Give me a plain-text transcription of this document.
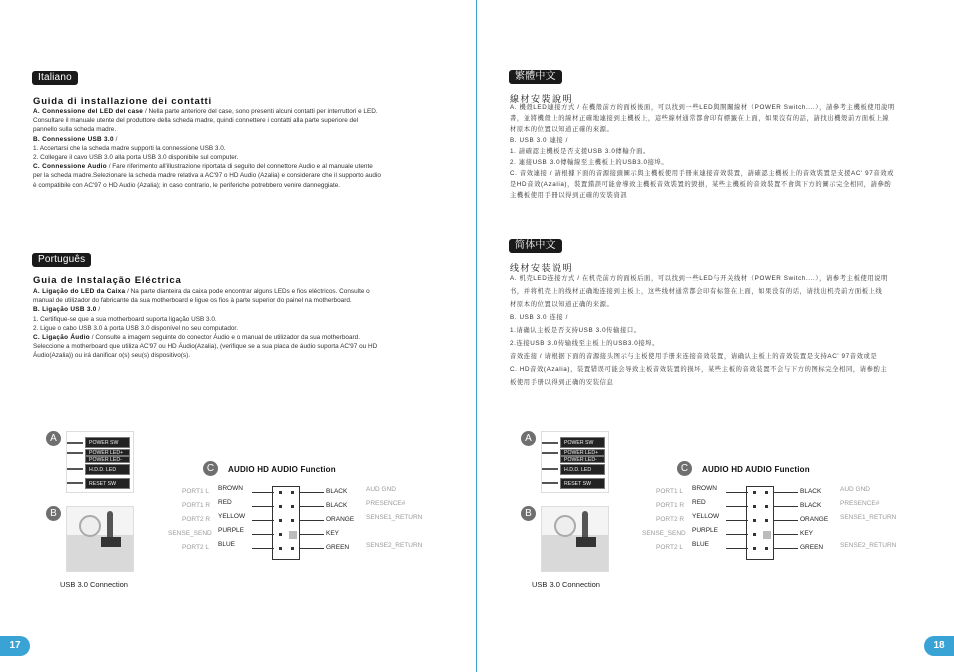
Italiano
Guida di installazione dei contatti
A. Connessione del LED del case / Nella parte anteriore del case, sono presenti alcuni contatti per interruttori e LED.
Consultare il manuale utente del produttore della scheda madre, quindi connettere i contatti alla parte superiore del
pannello sulla scheda madre.
B. Connessione USB 3.0 /
1. Accertarsi che la scheda madre supporti la connessione USB 3.0.
2. Collegare il cavo USB 3.0 alla porta USB 3.0 disponibile sul computer.
C. Connessione Audio / Fare riferimento all'illustrazione riportata di seguito del connettore Audio e al manuale utente
per la scheda madre.Selezionare la scheda madre relativa a AC'97 o HD Audio (Azalia) e considerare che il supporto audio
è compatibile con AC'97 o HD Audio (Azalia); in caso contrario, le periferiche potrebbero venire danneggiate.
Português
Guia de Instalação Eléctrica
A. Ligação do LED da Caixa / Na parte dianteira da caixa pode encontrar alguns LEDs e fios eléctricos. Consulte o
manual de utilizador do fabricante da sua motherboard e ligue os fios à parte superior do painel na motherboard.
B. Ligação USB 3.0 /
1. Certifique-se que a sua motherboard suporta ligação USB 3.0.
2. Ligue o cabo USB 3.0 à porta USB 3.0 disponível no seu computador.
C. Ligação Áudio / Consulte a imagem seguinte do conector Áudio e o manual de utilizador da sua motherboard.
Seleccione a motherboard que utiliza AC'97 ou HD Áudio(Azalia), (verifique se a sua placa de áudio suporta AC'97 ou HD
Áudio(Azalia)) ou irá danificar o(s) seu(s) dispositivo(s).
A	POWER SW
POWER LED+
POWER LED-
H.D.D. LED
RESET SW
B
USB 3.0 Connection
C	AUDIO HD AUDIO Function
PORT1 L BROWN	BLACK	AUD GND
PORT1 R RED	BLACK	PRESENCE#
PORT2 R YELLOW	ORANGE SENSE1_RETURN
SENSE_SEND PURPLE	KEY
PORT2 L BLUE	GREEN	SENSE2_RETURN
繁體中文
線材安裝說明
A. 機殼LED連接方式 / 在機殼前方的面板後面，可以找到一些LED與開關線材（POWER Switch....），請參考主機板使用說明
書，並將機殼上的線材正確地連接到主機板上，這些線材通常都會印有標籤在上面，如果沒有的話，請找出機殼前方面板上線
材原本的位置以知道正確的來源。
B. USB 3.0 連接 /
1. 請確認主機板是否支援USB 3.0傳輸介面。
2. 連接USB 3.0傳輸線至主機板上的USB3.0接埠。
C. 音效連接 / 請根據下面的音源接頭圖示與主機板使用手冊來連接音效裝置，請確認主機板上的音效裝置是支援AC' 97音效或
是HD音效(Azalia)，裝置錯誤可能會導致主機板音效裝置的毀損，某些主機板的音效裝置不會與下方的圖示完全相同，請參酌
主機板使用手冊以得到正確的安裝資訊
简体中文
线材安装说明
A. 机壳LED连接方式 / 在机壳前方的面板后面，可以找到一些LED与开关线材（POWER Switch....），请参考主板使用说明
书，并将机壳上的线材正确地连接到主板上，这些线材通常都会印有标签在上面，如果没有的话，请找出机壳前方面板上线
材原本的位置以知道正确的来源。
B. USB 3.0 连接 /
1.请确认主板是否支持USB 3.0传输接口。
2.连接USB 3.0传输线至主板上的USB3.0接埠。
音效连接 / 请根据下面的音源接头图示与主板使用手册来连接音效装置，请确认主板上的音效装置是支持AC' 97音效或是
C. HD音效(Azalia)，装置错误可能会导致主板音效装置的损坏，某些主板的音效装置不会与下方的图标完全相同，请参酌主
板使用手册以得到正确的安装信息
A	POWER SW
POWER LED+
POWER LED-
H.D.D. LED
RESET SW
B
USB 3.0 Connection
C	AUDIO HD AUDIO Function
PORT1 L BROWN	BLACK	AUD GND
PORT1 R RED	BLACK	PRESENCE#
PORT2 R YELLOW	ORANGE SENSE1_RETURN
SENSE_SEND PURPLE	KEY
PORT2 L BLUE	GREEN	SENSE2_RETURN
17	18
